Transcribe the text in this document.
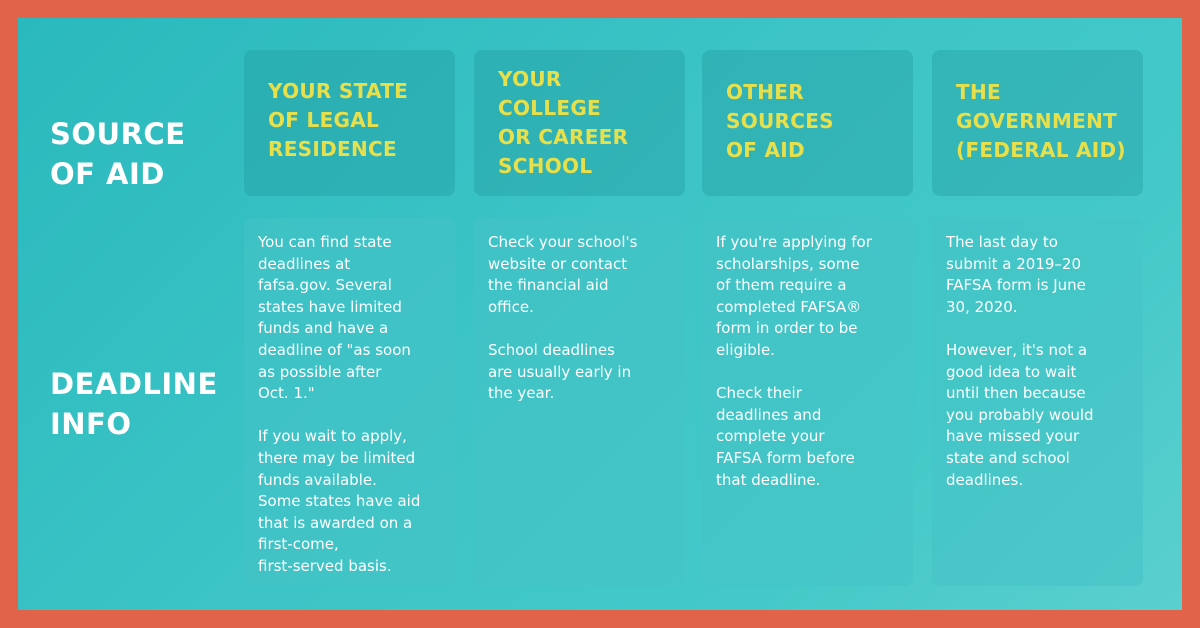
SOURCE
OF AID
DEADLINE
INFO
YOUR STATE
OF LEGAL
RESIDENCE
You can find state
deadlines at
fafsa.gov. Several
states have limited
funds and have a
deadline of "as soon
as possible after
Oct. 1."
If you wait to apply,
there may be limited
funds available.
Some states have aid
that is awarded on a
first-come,
first-served basis.
YOUR
COLLEGE
OR CAREER
SCHOOL
Check your school's
website or contact
the financial aid
office.
School deadlines
are usually early in
the year.
OTHER
SOURCES
OF AID
If you're applying for
scholarships, some
of them require a
completed FAFSA®
form in order to be
eligible.
Check their
deadlines and
complete your
FAFSA form before
that deadline.
THE
GOVERNMENT
(FEDERAL AID)
The last day to
submit a 2019–20
FAFSA form is June
30, 2020.
However, it's not a
good idea to wait
until then because
you probably would
have missed your
state and school
deadlines.
